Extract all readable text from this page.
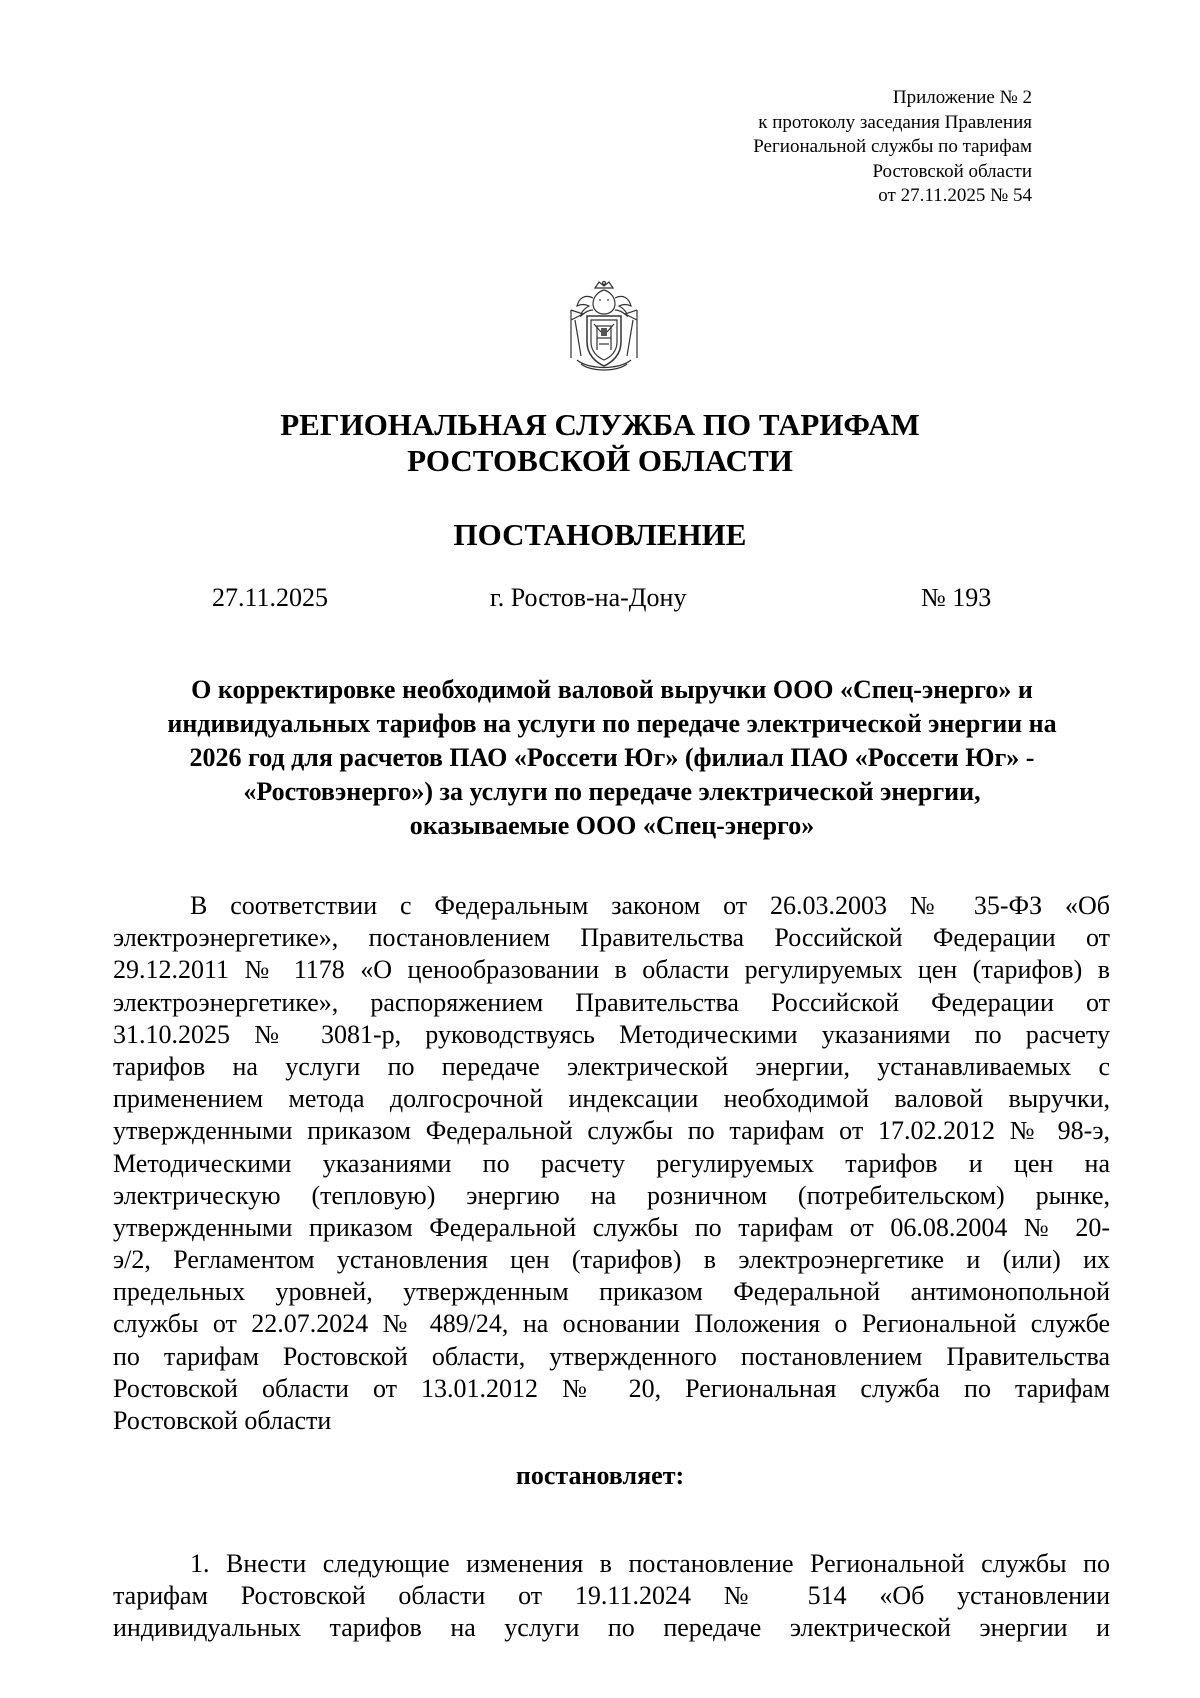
Приложение № 2
к протоколу заседания Правления
Региональной службы по тарифам
Ростовской области
от 27.11.2025 № 54
РЕГИОНАЛЬНАЯ СЛУЖБА ПО ТАРИФАМ
РОСТОВСКОЙ ОБЛАСТИ
ПОСТАНОВЛЕНИЕ
27.11.2025	г. Ростов-на-Дону	№ 193
О корректировке необходимой валовой выручки ООО «Спец-энерго» и
индивидуальных тарифов на услуги по передаче электрической энергии на
2026 год для расчетов ПАО «Россети Юг» (филиал ПАО «Россети Юг» -
«Ростовэнерго») за услуги по передаче электрической энергии,
оказываемые ООО «Спец-энерго»
В соответствии с Федеральным законом от 26.03.2003 № 35-ФЗ «Об
электроэнергетике», постановлением Правительства Российской Федерации от
29.12.2011 № 1178 «О ценообразовании в области регулируемых цен (тарифов) в
электроэнергетике», распоряжением Правительства Российской Федерации от
31.10.2025 № 3081-р, руководствуясь Методическими указаниями по расчету
тарифов на услуги по передаче электрической энергии, устанавливаемых с
применением метода долгосрочной индексации необходимой валовой выручки,
утвержденными приказом Федеральной службы по тарифам от 17.02.2012 № 98-э,
Методическими указаниями по расчету регулируемых тарифов и цен на
электрическую (тепловую) энергию на розничном (потребительском) рынке,
утвержденными приказом Федеральной службы по тарифам от 06.08.2004 № 20-
э/2, Регламентом установления цен (тарифов) в электроэнергетике и (или) их
предельных уровней, утвержденным приказом Федеральной антимонопольной
службы от 22.07.2024 № 489/24, на основании Положения о Региональной службе
по тарифам Ростовской области, утвержденного постановлением Правительства
Ростовской области от 13.01.2012 № 20, Региональная служба по тарифам
Ростовской области
постановляет:
1. Внести следующие изменения в постановление Региональной службы по
тарифам Ростовской области от 19.11.2024 № 514 «Об установлении
индивидуальных тарифов на услуги по передаче электрической энергии и
